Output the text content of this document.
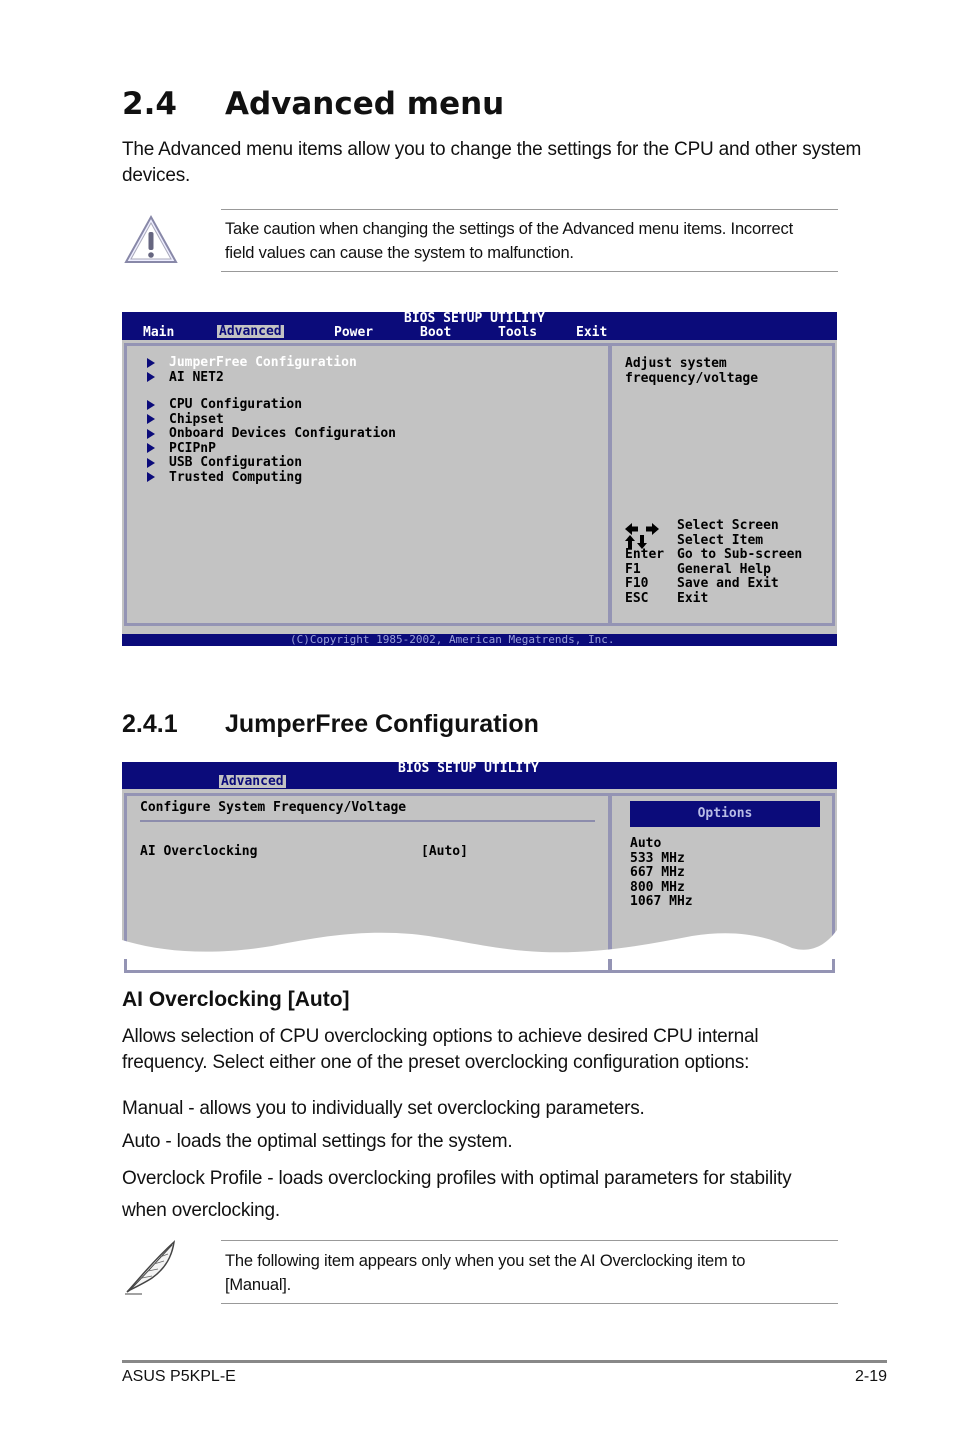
2.4 Advanced menu
The Advanced menu items allow you to change the settings for the CPU and other system devices.
Take caution when changing the settings of the Advanced menu items. Incorrect
field values can cause the system to malfunction.
BIOS SETUP UTILITY
Main	Advanced	Power	Boot	Tools	Exit
JumperFree Configuration
AI NET2
CPU Configuration
Chipset
Onboard Devices Configuration
PCIPnP
USB Configuration
Trusted Computing
Adjust system
frequency/voltage
Select Screen
Select Item
Enter Go to Sub-screen
F1	General Help
F10 Save and Exit
ESC Exit
(C)Copyright 1985-2002, American Megatrends, Inc.
2.4.1 JumperFree Configuration
BIOS SETUP UTILITY
Advanced
Configure System Frequency/Voltage
AI Overclocking	[Auto]
Options
Auto
533 MHz
667 MHz
800 MHz
1067 MHz
AI Overclocking [Auto]
Allows selection of CPU overclocking options to achieve desired CPU internal
frequency. Select either one of the preset overclocking configuration options:
Manual - allows you to individually set overclocking parameters.
Auto - loads the optimal settings for the system.
Overclock Profile - loads overclocking profiles with optimal parameters for stability
when overclocking.
The following item appears only when you set the AI Overclocking item to
[Manual].
ASUS P5KPL-E	2-19
